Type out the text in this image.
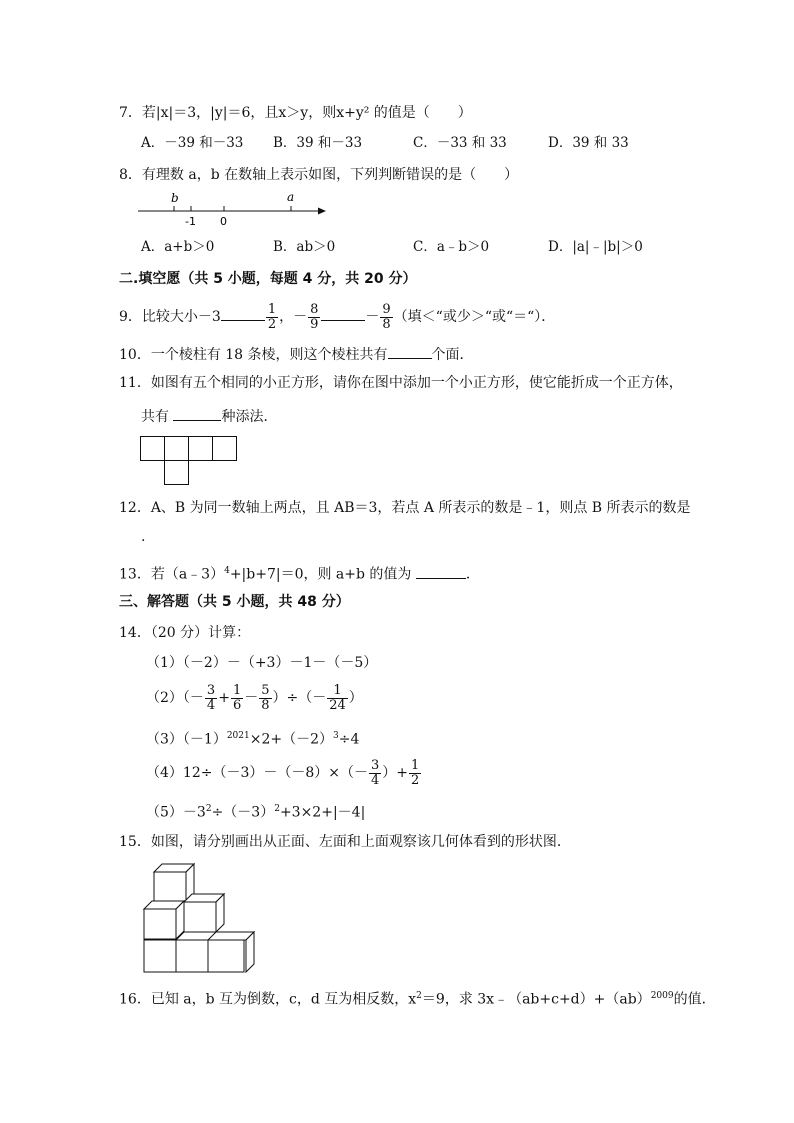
7．若|x|＝3，|y|＝6，且x＞y，则x+y² 的值是（　　）
A．－39 和－33 B．39 和－33	C．－33 和 33	D．39 和 33
8．有理数 a，b 在数轴上表示如图，下列判断错误的是（　　）
b	a
-1 0
A．a+b＞0	B．ab＞0	C．a﹣b＞0	D．|a|﹣|b|＞0
二.填空愿（共 5 小题，每题 4 分，共 20 分）
9．比较大小－3	$\frac{1}{2}$ ，－ $\frac{8}{9}$	－ $\frac{9}{8}$ （填＜“或少＞“或“＝“）．
10．一个棱柱有 18 条棱，则这个棱柱共有	个面．
11．如图有五个相同的小正方形，请你在图中添加一个小正方形，使它能折成一个正方体，
共有	种添法．
12．A、B 为同一数轴上两点，且 AB＝3，若点 A 所表示的数是﹣1，则点 B 所表示的数是
.
13．若（a﹣3）$^4$+|b+7|＝0，则 a+b 的值为	．
三、解答题（共 5 小题，共 48 分）
14．（20 分）计算：
（1）（－2）－（+3）－1－（－5）
$(2)(- \frac{3}{4} + \frac{1}{6} - \frac{5}{8}$ ）÷（－ $\frac{1}{24}$ ）
$(3)(-1)^{2021}\times 2+(-2)^3\div 4$
$(4)12\div(-3)-(-8)\times(- \frac{3}{4}$ ）+ $\frac{1}{2}$
$(5)-3^2\div(-3)^2+3\times 2+|-4|$
15．如图，请分别画出从正面、左面和上面观察该几何体看到的形状图．
16．已知 a，b 互为倒数，c，d 互为相反数，$x^2=9$，求 3x﹣（ab+c+d）+（ab）$^{2009}$的值．
